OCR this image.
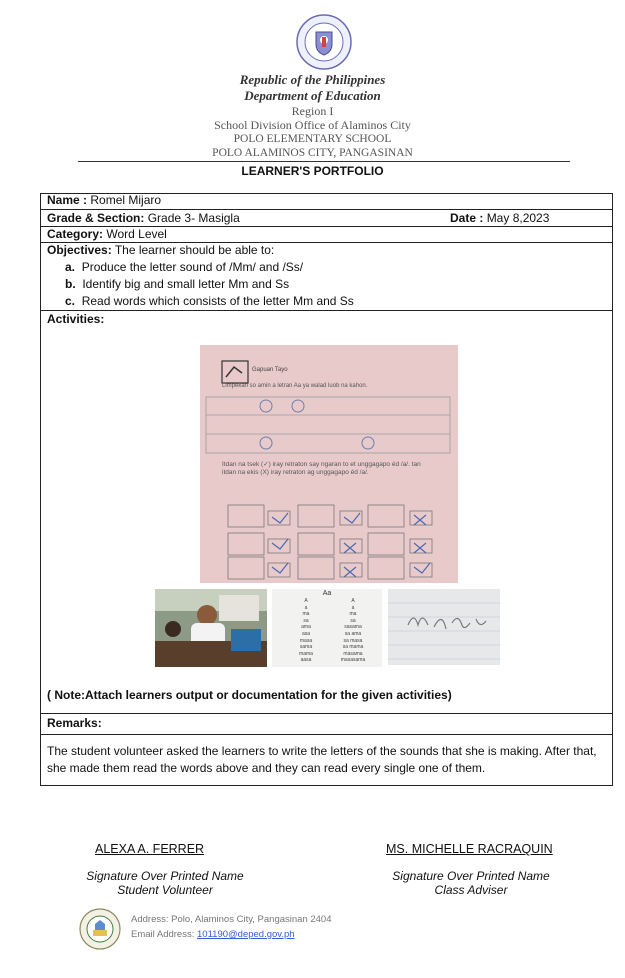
Republic of the Philippines
Department of Education
Region I
School Division Office of Alaminos City
POLO ELEMENTARY SCHOOL
POLO ALAMINOS CITY, PANGASINAN
LEARNER'S PORTFOLIO
Name : Romel Mijaro
Grade & Section: Grade 3- Masigla	Date : May 8,2023
Category: Word Level
Objectives: The learner should be able to:
a. Produce the letter sound of /Mm/ and /Ss/
b. Identify big and small letter Mm and Ss
c. Read words which consists of the letter Mm and Ss
Activities:
Gapuan Tayo
Limpekan so amin a letran Aa ya walad luob na kahon.
Itdan na tsek (✓) iray retraton say ngaran to et unggagapo éd /a/. tan itdan na ekis (X) iray retraton ag unggagapo éd /a/.
Aa
A
a
ma
sa
ama
asa
masa
sama
mama
aasa
A
a
ma
sa
sasama
sa ama
sa masa
sa mama
masama
masasama
( Note:Attach learners output or documentation for the given activities)
Remarks:
The student volunteer asked the learners to write the letters of the sounds that she is making. After that, she made them read the words above and they can read every single one of them.
ALEXA A. FERRER
Signature Over Printed Name
Student Volunteer
MS. MICHELLE RACRAQUIN
Signature Over Printed Name
Class Adviser
Address: Polo, Alaminos City, Pangasinan 2404
Email Address: 101190@deped.gov.ph
